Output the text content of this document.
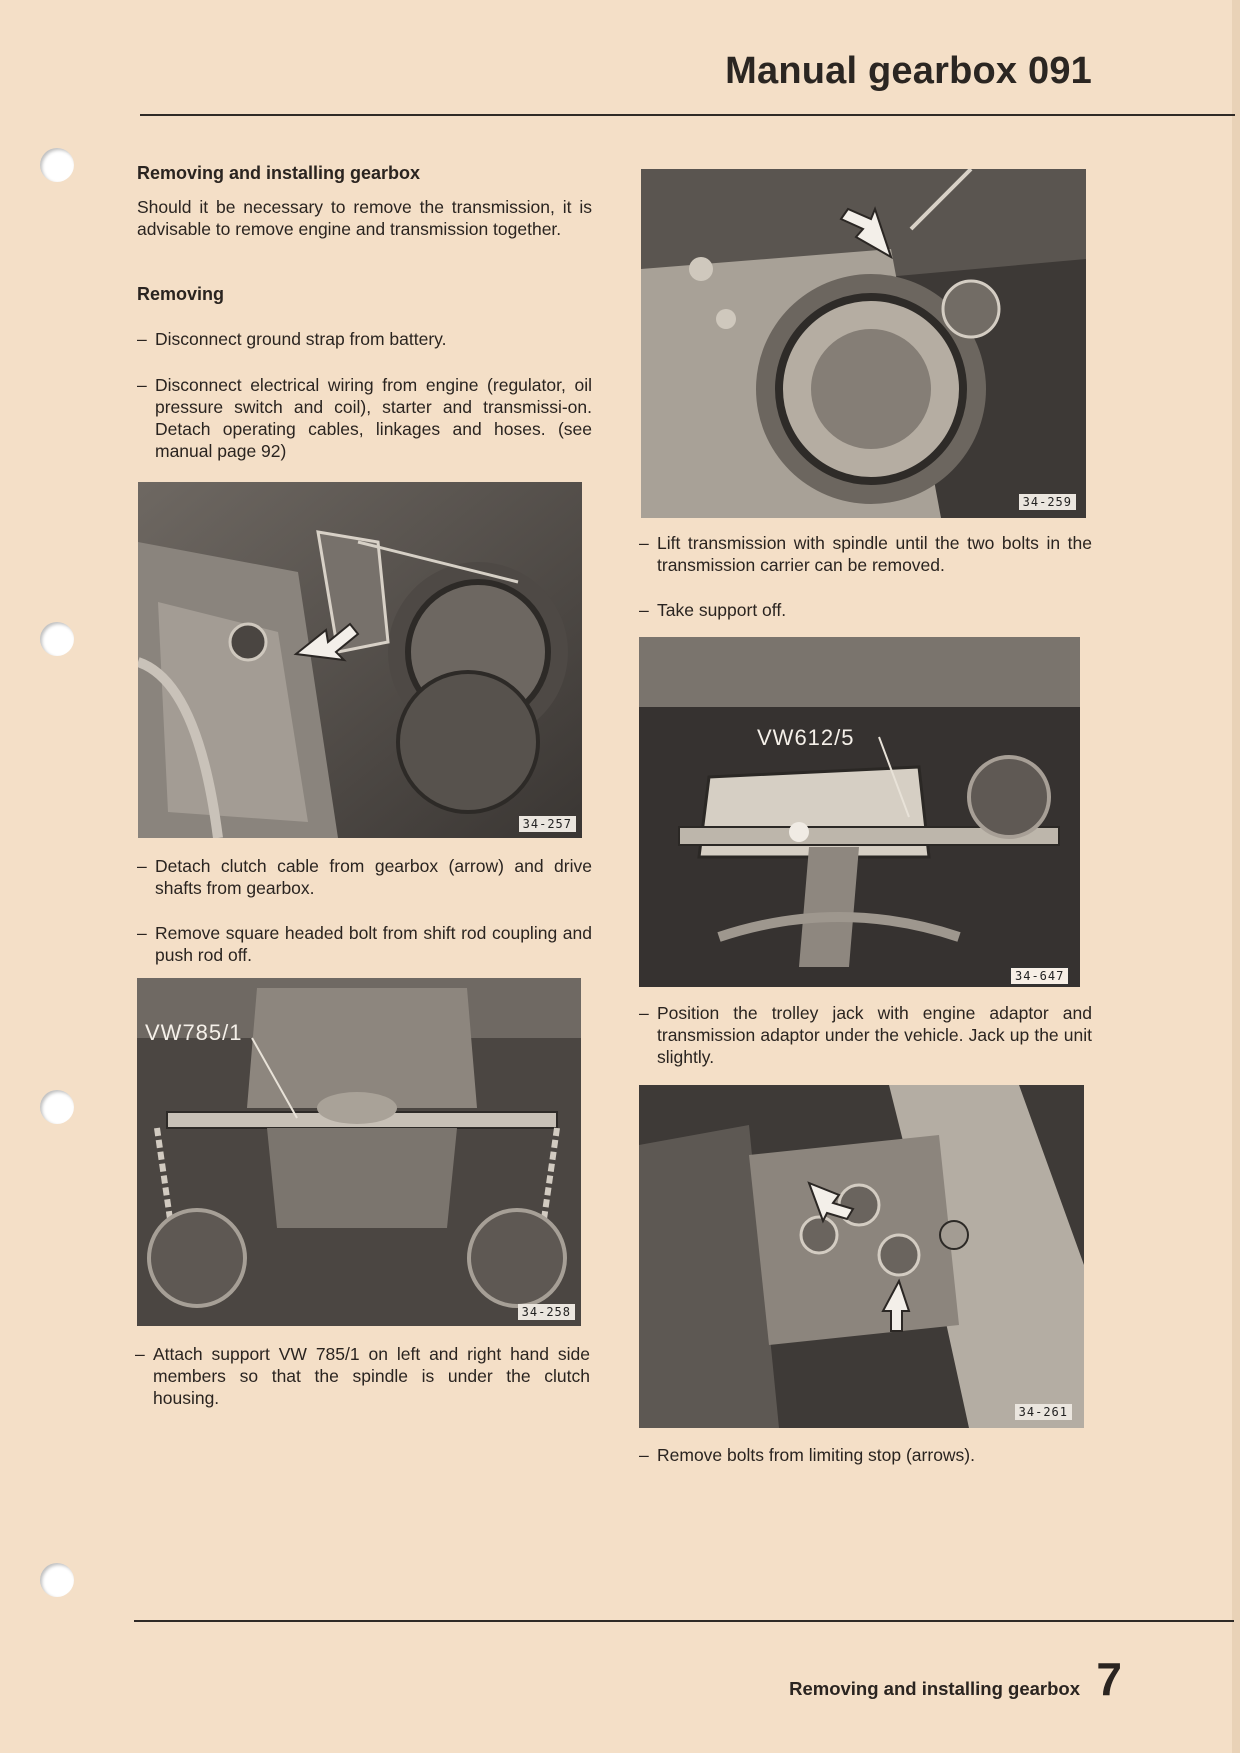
Manual gearbox 091
Removing and installing gearbox

Should it be necessary to remove the transmission, it is advisable to remove engine and transmission together.

Removing
– Disconnect ground strap from battery.
– Disconnect electrical wiring from engine (regulator, oil pressure switch and coil), starter and transmissi-on. Detach operating cables, linkages and hoses. (see manual page 92)
34-257
– Detach clutch cable from gearbox (arrow) and drive shafts from gearbox.
– Remove square headed bolt from shift rod coupling and push rod off.
VW785/1
34-258
– Attach support VW 785/1 on left and right hand side members so that the spindle is under the clutch housing.
34-259
– Lift transmission with spindle until the two bolts in the transmission carrier can be removed.
– Take support off.
VW612/5
34-647
– Position the trolley jack with engine adaptor and transmission adaptor under the vehicle. Jack up the unit slightly.
34-261
– Remove bolts from limiting stop (arrows).

Removing and installing gearbox 7
